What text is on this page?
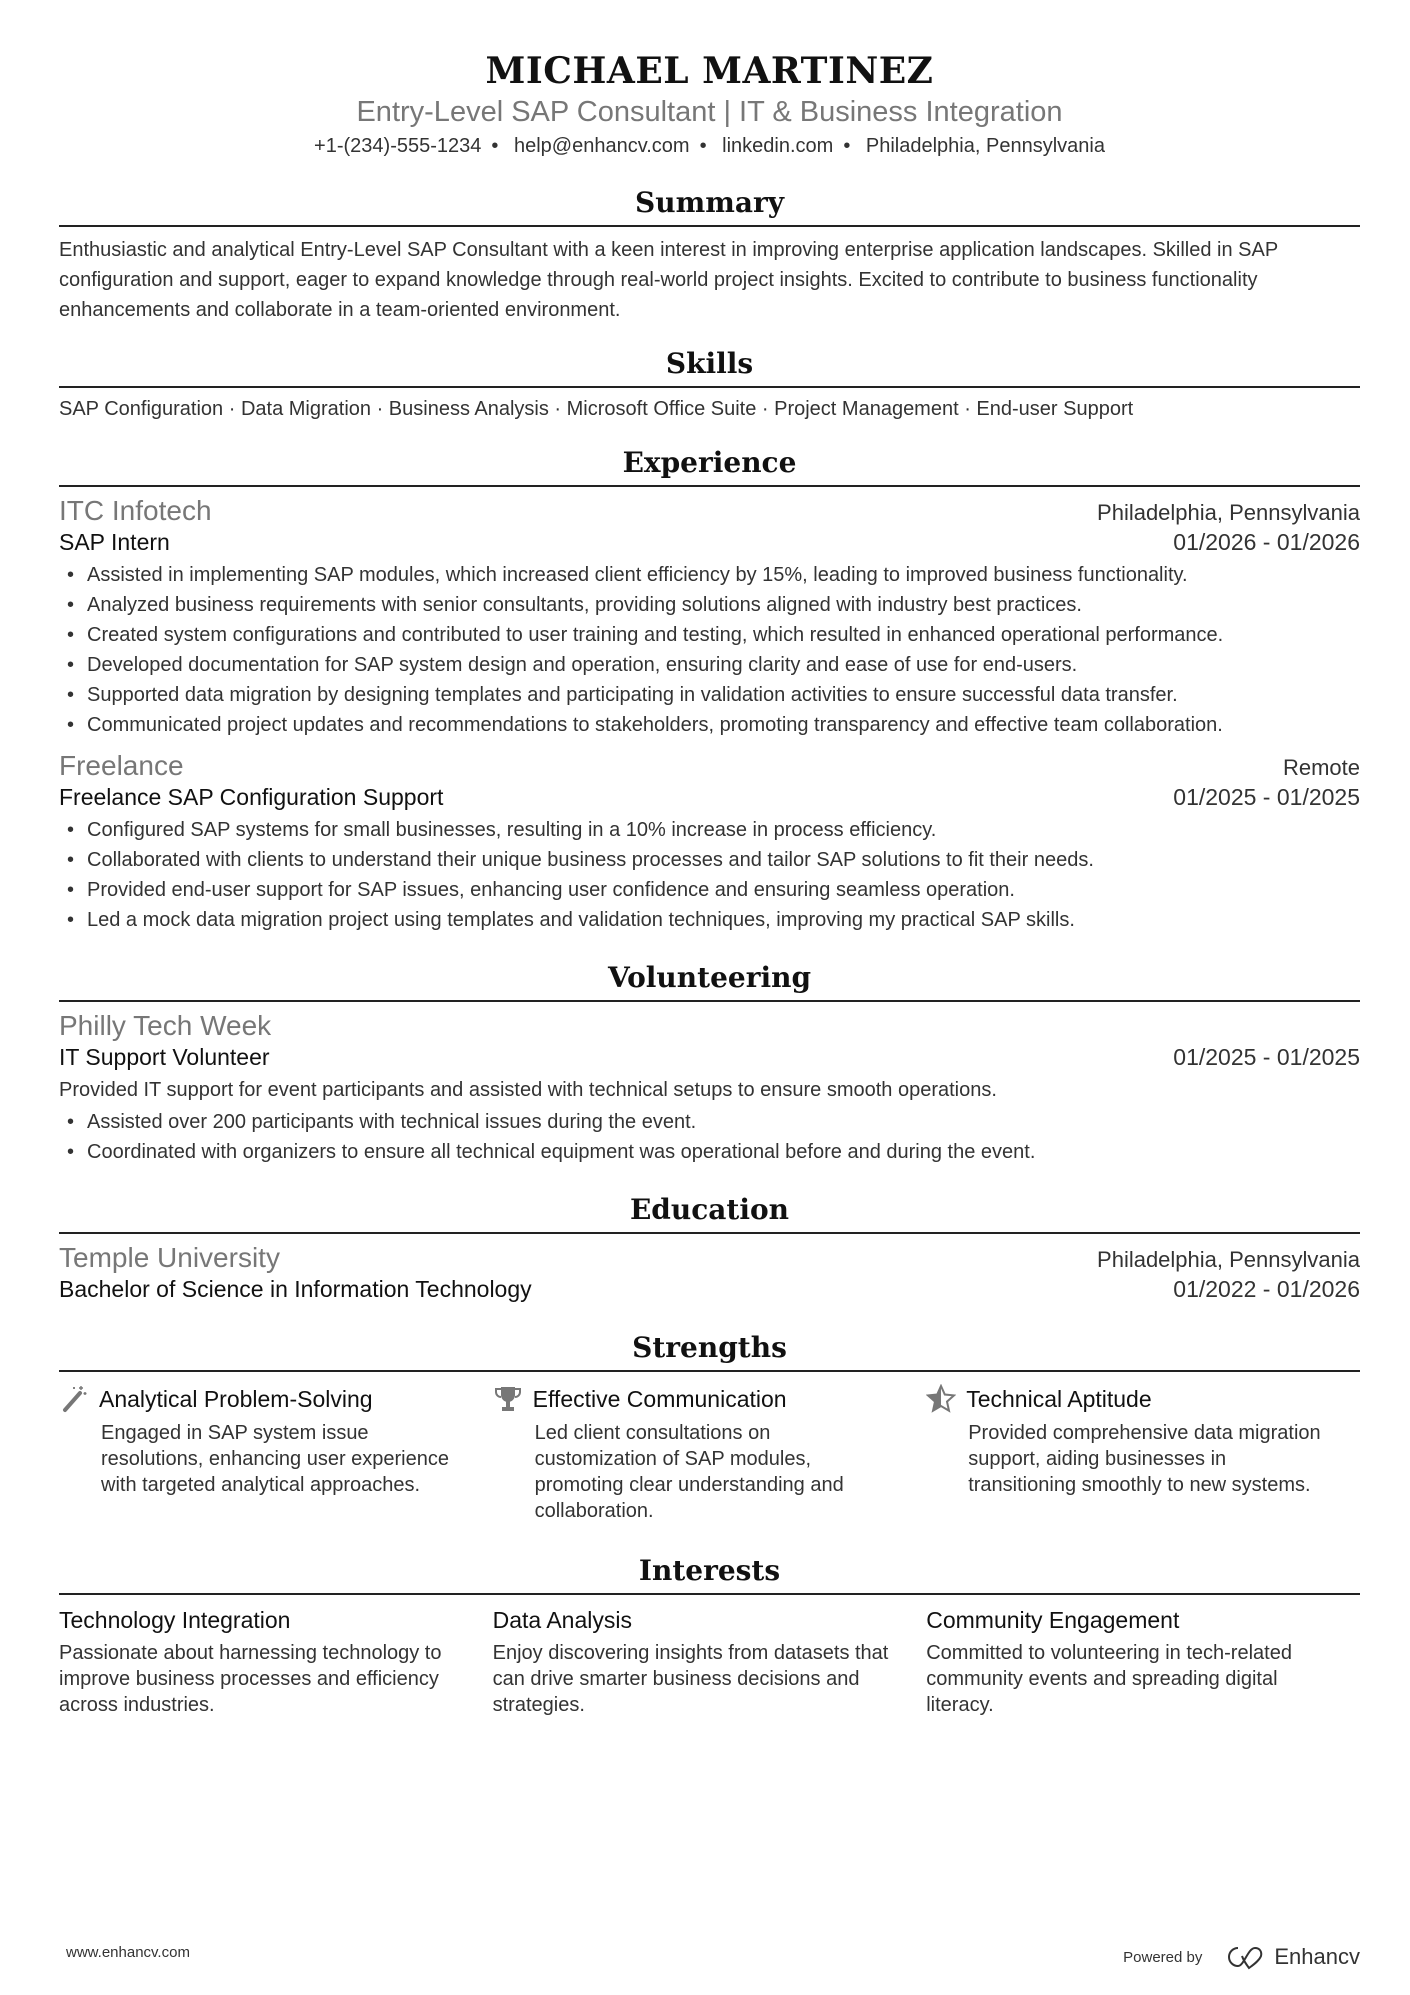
MICHAEL MARTINEZ
Entry-Level SAP Consultant | IT & Business Integration
+1-(234)-555-1234 • help@enhancv.com • linkedin.com • Philadelphia, Pennsylvania
Summary
Enthusiastic and analytical Entry-Level SAP Consultant with a keen interest in improving enterprise application landscapes. Skilled in SAP configuration and support, eager to expand knowledge through real-world project insights. Excited to contribute to business functionality enhancements and collaborate in a team-oriented environment.
Skills
SAP Configuration · Data Migration · Business Analysis · Microsoft Office Suite · Project Management · End-user Support
Experience
ITC Infotech	Philadelphia, Pennsylvania
SAP Intern	01/2026 - 01/2026
• Assisted in implementing SAP modules, which increased client efficiency by 15%, leading to improved business functionality.
• Analyzed business requirements with senior consultants, providing solutions aligned with industry best practices.
• Created system configurations and contributed to user training and testing, which resulted in enhanced operational performance.
• Developed documentation for SAP system design and operation, ensuring clarity and ease of use for end-users.
• Supported data migration by designing templates and participating in validation activities to ensure successful data transfer.
• Communicated project updates and recommendations to stakeholders, promoting transparency and effective team collaboration.
Freelance	Remote
Freelance SAP Configuration Support	01/2025 - 01/2025
• Configured SAP systems for small businesses, resulting in a 10% increase in process efficiency.
• Collaborated with clients to understand their unique business processes and tailor SAP solutions to fit their needs.
• Provided end-user support for SAP issues, enhancing user confidence and ensuring seamless operation.
• Led a mock data migration project using templates and validation techniques, improving my practical SAP skills.
Volunteering
Philly Tech Week
IT Support Volunteer	01/2025 - 01/2025
Provided IT support for event participants and assisted with technical setups to ensure smooth operations.
• Assisted over 200 participants with technical issues during the event.
• Coordinated with organizers to ensure all technical equipment was operational before and during the event.
Education
Temple University	Philadelphia, Pennsylvania
Bachelor of Science in Information Technology	01/2022 - 01/2026
Strengths
Analytical Problem-Solving
Engaged in SAP system issue resolutions, enhancing user experience with targeted analytical approaches.
Effective Communication
Led client consultations on customization of SAP modules, promoting clear understanding and collaboration.
Technical Aptitude
Provided comprehensive data migration support, aiding businesses in transitioning smoothly to new systems.
Interests
Technology Integration
Passionate about harnessing technology to improve business processes and efficiency across industries.
Data Analysis
Enjoy discovering insights from datasets that can drive smarter business decisions and strategies.
Community Engagement
Committed to volunteering in tech-related community events and spreading digital literacy.
www.enhancv.com	Powered by	Enhancv
